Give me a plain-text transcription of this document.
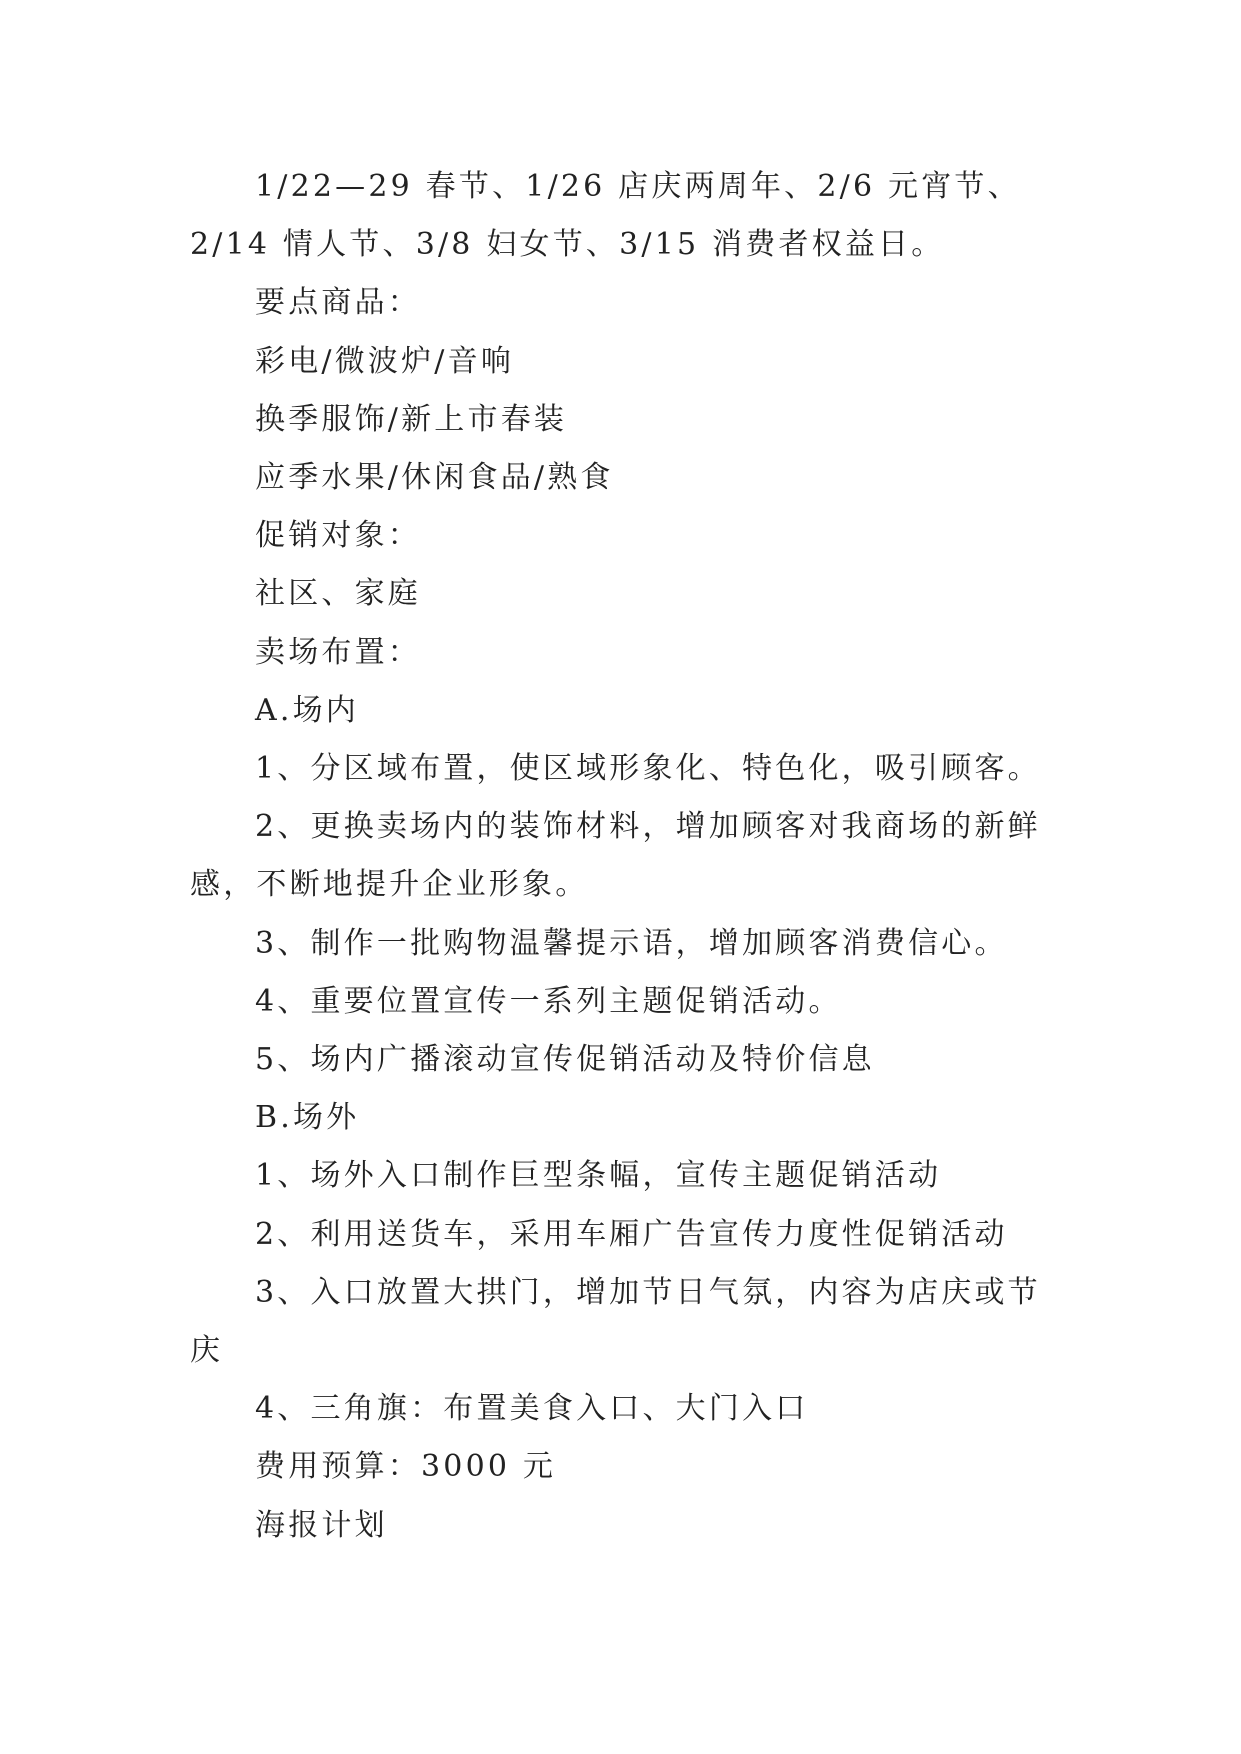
1/22—29 春节、1/26 店庆两周年、2/6 元宵节、2/14 情人节、3/8 妇女节、3/15 消费者权益日。

要点商品：

彩电/微波炉/音响

换季服饰/新上市春装

应季水果/休闲食品/熟食

促销对象：

社区、家庭

卖场布置：

A.场内

1、分区域布置，使区域形象化、特色化，吸引顾客。

2、更换卖场内的装饰材料，增加顾客对我商场的新鲜感，不断地提升企业形象。

3、制作一批购物温馨提示语，增加顾客消费信心。

4、重要位置宣传一系列主题促销活动。

5、场内广播滚动宣传促销活动及特价信息

B.场外

1、场外入口制作巨型条幅，宣传主题促销活动

2、利用送货车，采用车厢广告宣传力度性促销活动

3、入口放置大拱门，增加节日气氛，内容为店庆或节庆

4、三角旗：布置美食入口、大门入口

费用预算：3000 元

海报计划
